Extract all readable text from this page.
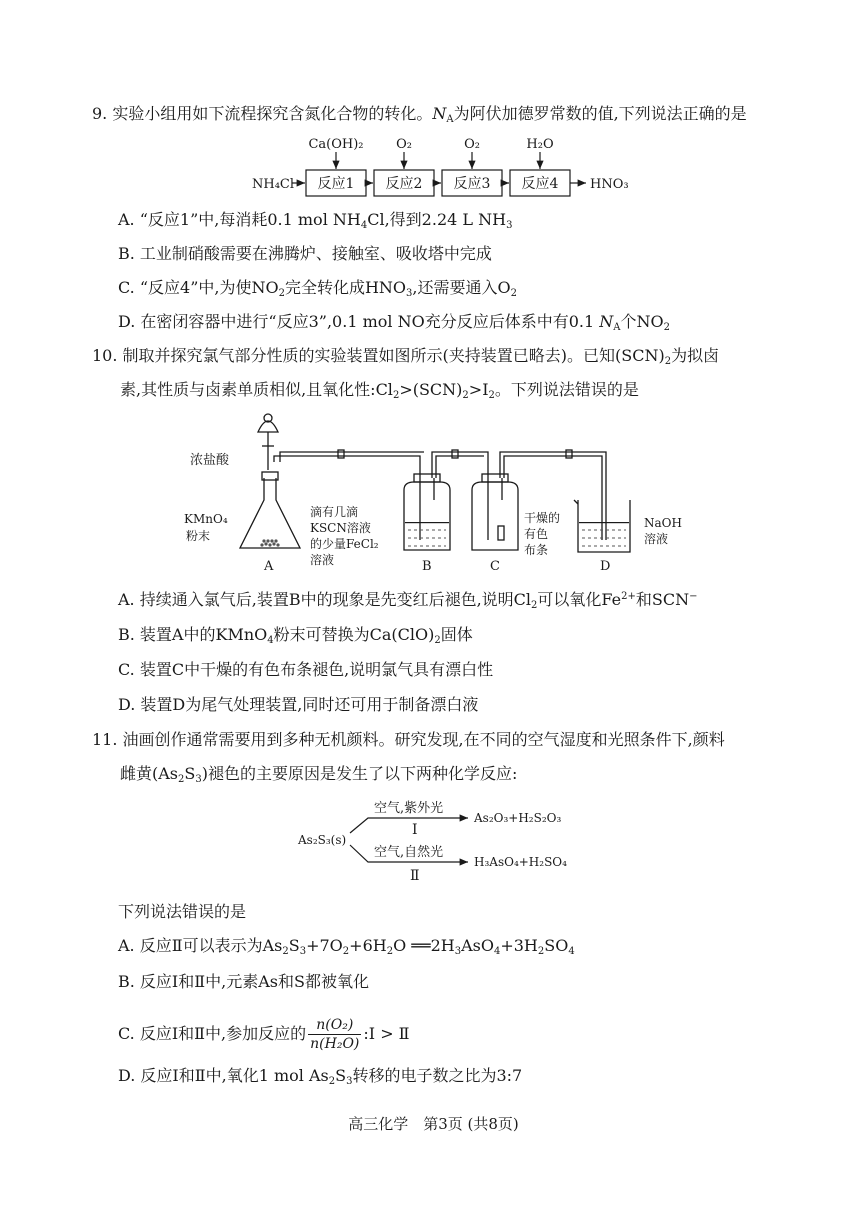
9. 实验小组用如下流程探究含氮化合物的转化。$N_A$为阿伏加德罗常数的值,下列说法正确的是
NH₄Cl 反应1 反应2 反应3 反应4
Ca(OH)₂	O₂	O₂	H₂O
HNO₃
A. “反应1”中,每消耗0.1 mol $NH_4Cl$,得到2.24 L $NH_3$
B. 工业制硝酸需要在沸腾炉、接触室、吸收塔中完成
C. “反应4”中,为使$NO_2$完全转化成$HNO_3$,还需要通入$O_2$
D. 在密闭容器中进行“反应3”,0.1 mol NO充分反应后体系中有0.1 $N_A$个$NO_2$
10. 制取并探究氯气部分性质的实验装置如图所示(夹持装置已略去)。已知$(SCN)_2$为拟卤
素,其性质与卤素单质相似,且氧化性$:Cl_2>(SCN)_2>I_2$。下列说法错误的是
浓盐酸
KMnO₄
粉末
滴有几滴
KSCN溶液
的少量FeCl₂
溶液
干燥的
有色
布条
NaOH
溶液
A	B	C	D
A. 持续通入氯气后,装置B中的现象是先变红后褪色,说明$Cl_2$可以氧化$Fe^{2+}$和SCN−
B. 装置A中的KMnO$_4$粉末可替换为$Ca(ClO)_2$固体
C. 装置C中干燥的有色布条褪色,说明氯气具有漂白性
D. 装置D为尾气处理装置,同时还可用于制备漂白液
11. 油画创作通常需要用到多种无机颜料。研究发现,在不同的空气湿度和光照条件下,颜料
雌黄$(As_2S_3)$褪色的主要原因是发生了以下两种化学反应:
As₂S₃(s)
空气,紫外光
Ⅰ
As₂O₃+H₂S₂O₃
空气,自然光
Ⅱ
H₃AsO₄+H₂SO₄
下列说法错误的是
A. 反应Ⅱ可以表示为$As_2S_3+7O_2+6H_2O$ $══2H_3AsO_4+3H_2SO_4$
B. 反应Ⅰ和Ⅱ中,元素As和S都被氧化
C. 反应Ⅰ和Ⅱ中,参加反应的 $\frac{\text{n(O₂)}}{\text{n(H₂O)}}$ :Ⅰ > Ⅱ
D. 反应Ⅰ和Ⅱ中,氧化1 mol $As_2S_3$转移的电子数之比为3:7
高三化学　第3页 (共8页)
